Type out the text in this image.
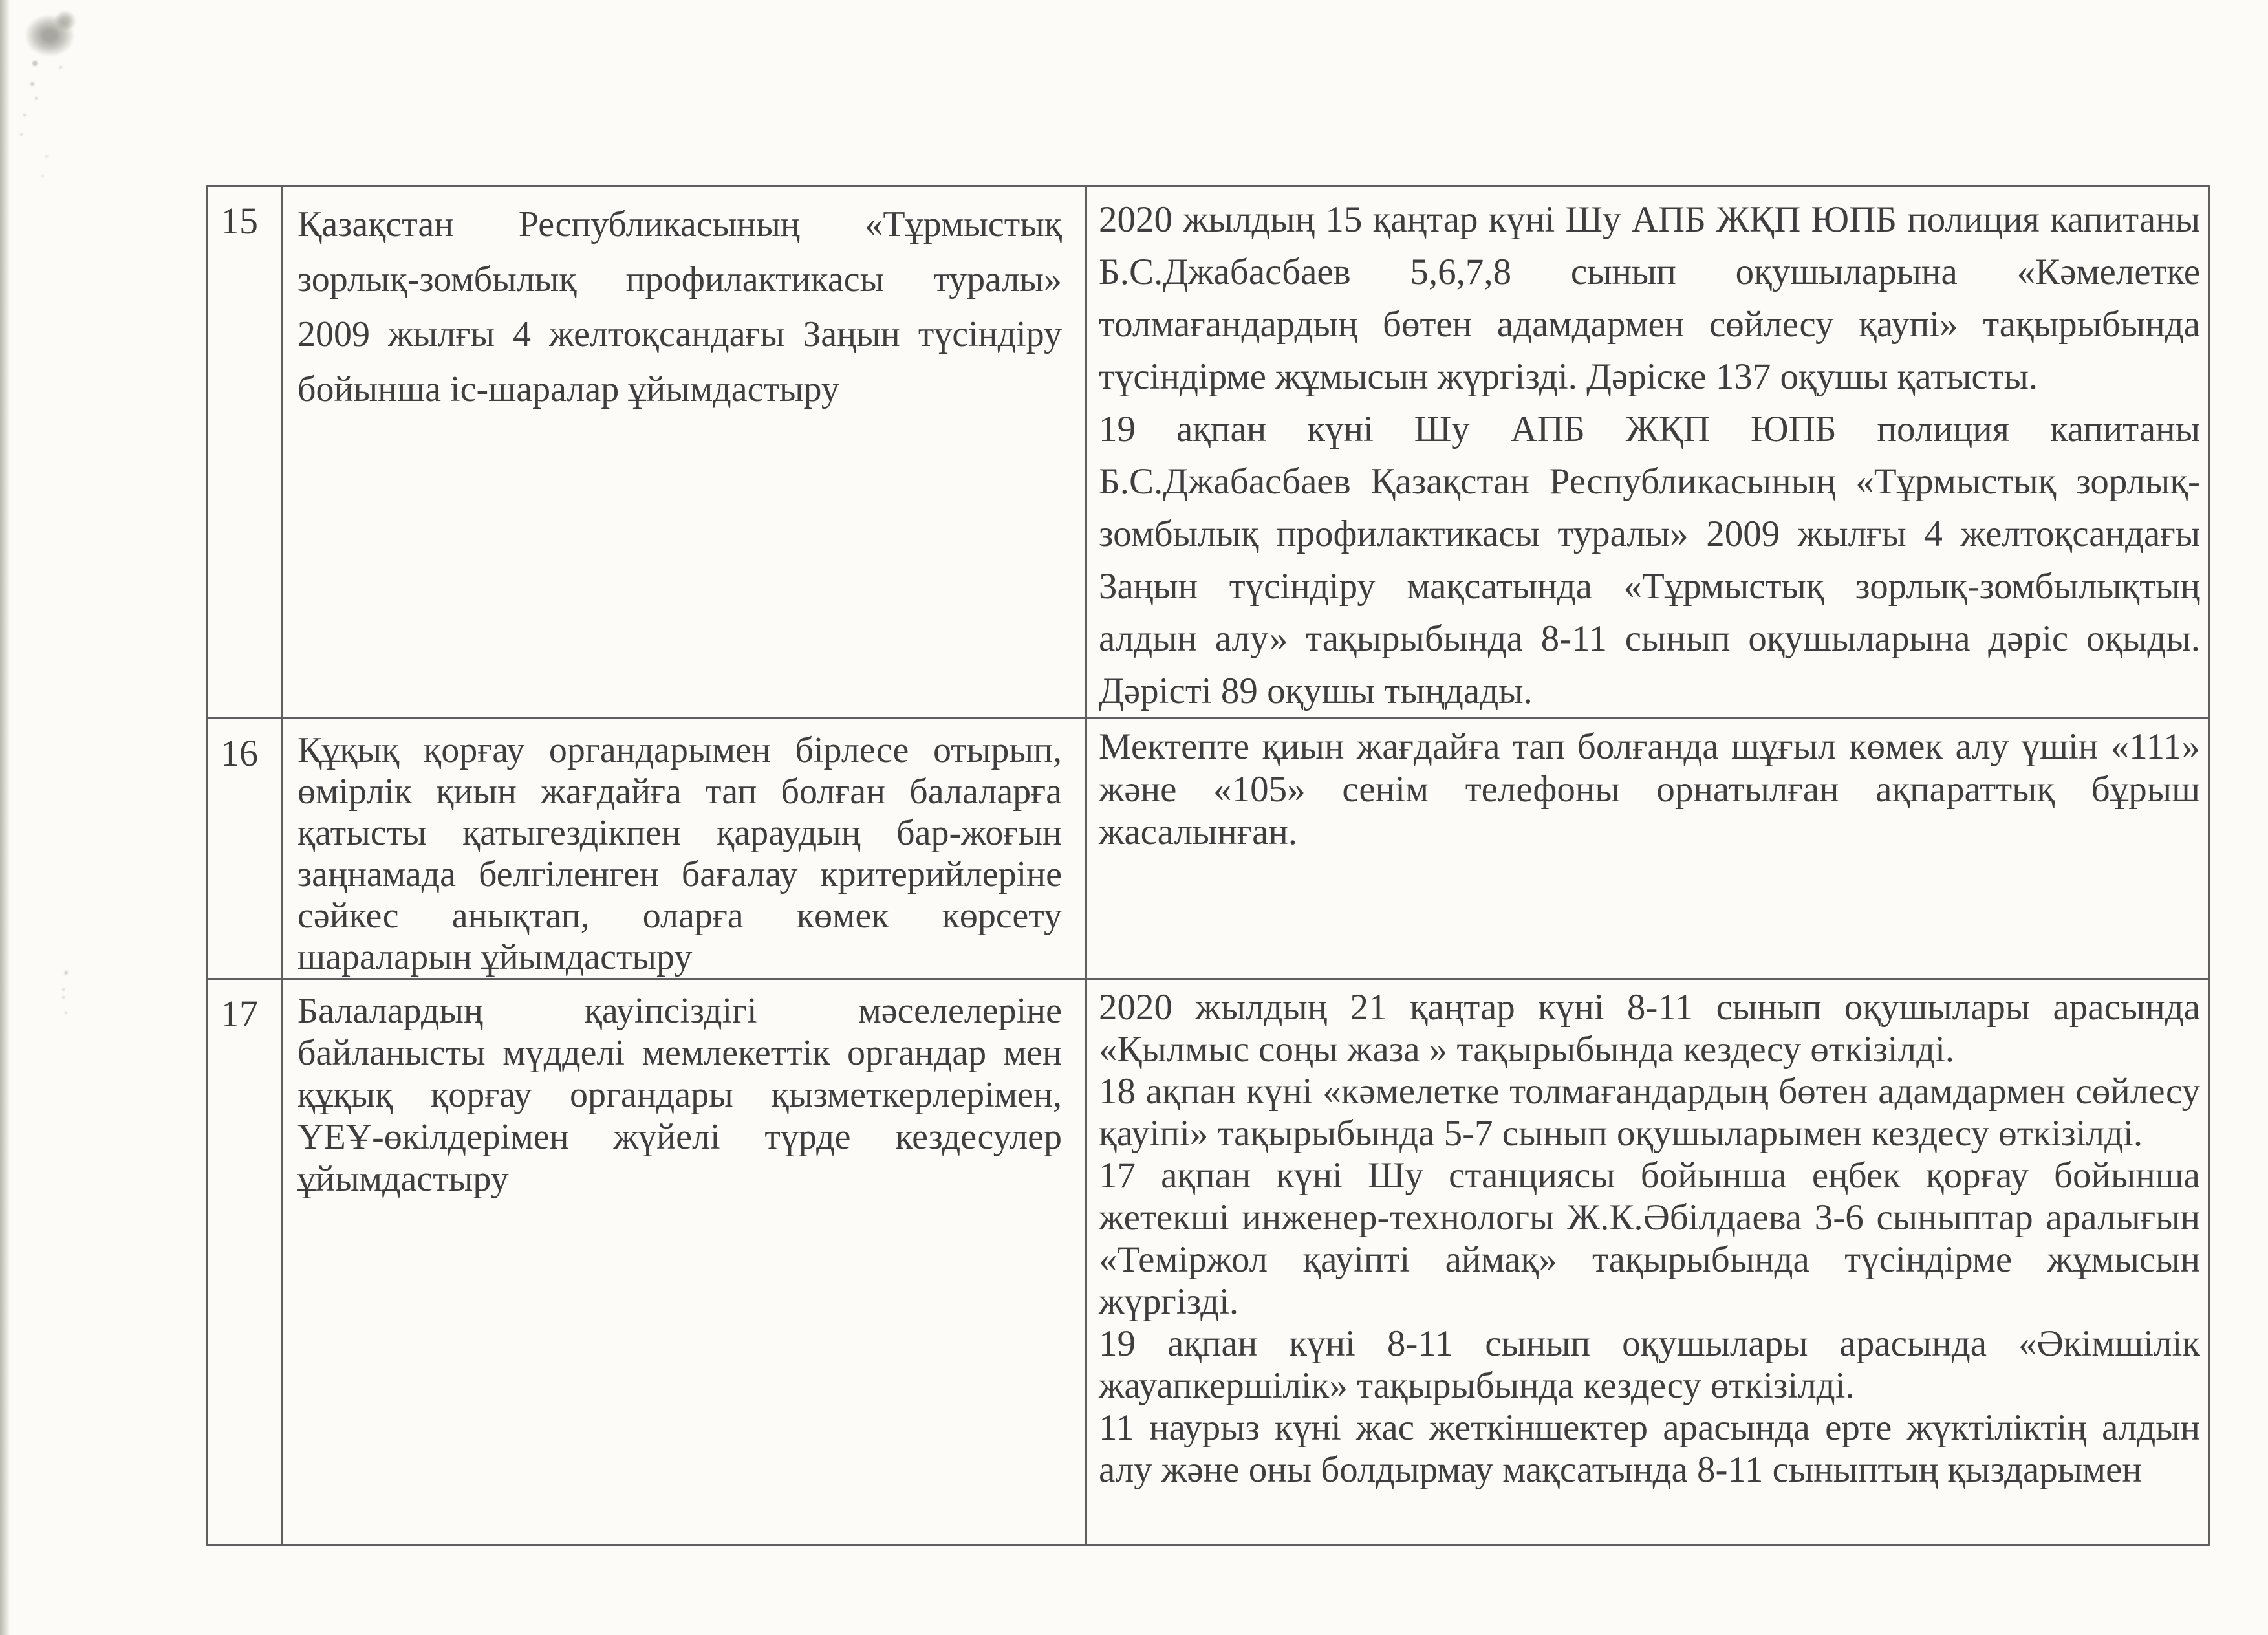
15	Қазақстан Республикасының «Тұрмыстық зорлық-зомбылық профилактикасы туралы» 2009 жылғы 4 желтоқсандағы Заңын түсіндіру бойынша іс-шаралар ұйымдастыру	2020 жылдың 15 қаңтар күні Шу АПБ ЖҚП ЮПБ полиция капитаны Б.С.Джабасбаев 5,6,7,8 сынып оқушыларына «Кәмелетке толмағандардың бөтен адамдармен сөйлесу қаупі» тақырыбында түсіндірме жұмысын жүргізді. Дәріске 137 оқушы қатысты.

19 ақпан күні Шу АПБ ЖҚП ЮПБ полиция капитаны Б.С.Джабасбаев Қазақстан Республикасының «Тұрмыстық зорлық-зомбылық профилактикасы туралы» 2009 жылғы 4 желтоқсандағы Заңын түсіндіру мақсатында «Тұрмыстық зорлық-зомбылықтың алдын алу» тақырыбында 8-11 сынып оқушыларына дәріс оқыды. Дәрісті 89 оқушы тыңдады.

16	Құқық қорғау органдарымен бірлесе отырып, өмірлік қиын жағдайға тап болған балаларға қатысты қатыгездікпен қараудың бар-жоғын заңнамада белгіленген бағалау критерийлеріне сәйкес анықтап, оларға көмек көрсету шараларын ұйымдастыру	Мектепте қиын жағдайға тап болғанда шұғыл көмек алу үшін «111» және «105» сенім телефоны орнатылған ақпараттық бұрыш жасалынған.

17	Балалардың қауіпсіздігі мәселелеріне байланысты мүдделі мемлекеттік органдар мен құқық қорғау органдары қызметкерлерімен, ҮЕҰ-өкілдерімен жүйелі түрде кездесулер ұйымдастыру	2020 жылдың 21 қаңтар күні 8-11 сынып оқушылары арасында «Қылмыс соңы жаза » тақырыбында кездесу өткізілді.

18 ақпан күні «кәмелетке толмағандардың бөтен адамдармен сөйлесу қауіпі» тақырыбында 5-7 сынып оқушыларымен кездесу өткізілді.

17 ақпан күні Шу станциясы бойынша еңбек қорғау бойынша жетекші инженер-технологы Ж.К.Әбілдаева 3-6 сыныптар аралығын «Теміржол қауіпті аймақ» тақырыбында түсіндірме жұмысын жүргізді.

19 ақпан күні 8-11 сынып оқушылары арасында «Әкімшілік жауапкершілік» тақырыбында кездесу өткізілді.

11 наурыз күні жас жеткіншектер арасында ерте жүктіліктің алдын алу және оны болдырмау мақсатында 8-11 сыныптың қыздарымен
